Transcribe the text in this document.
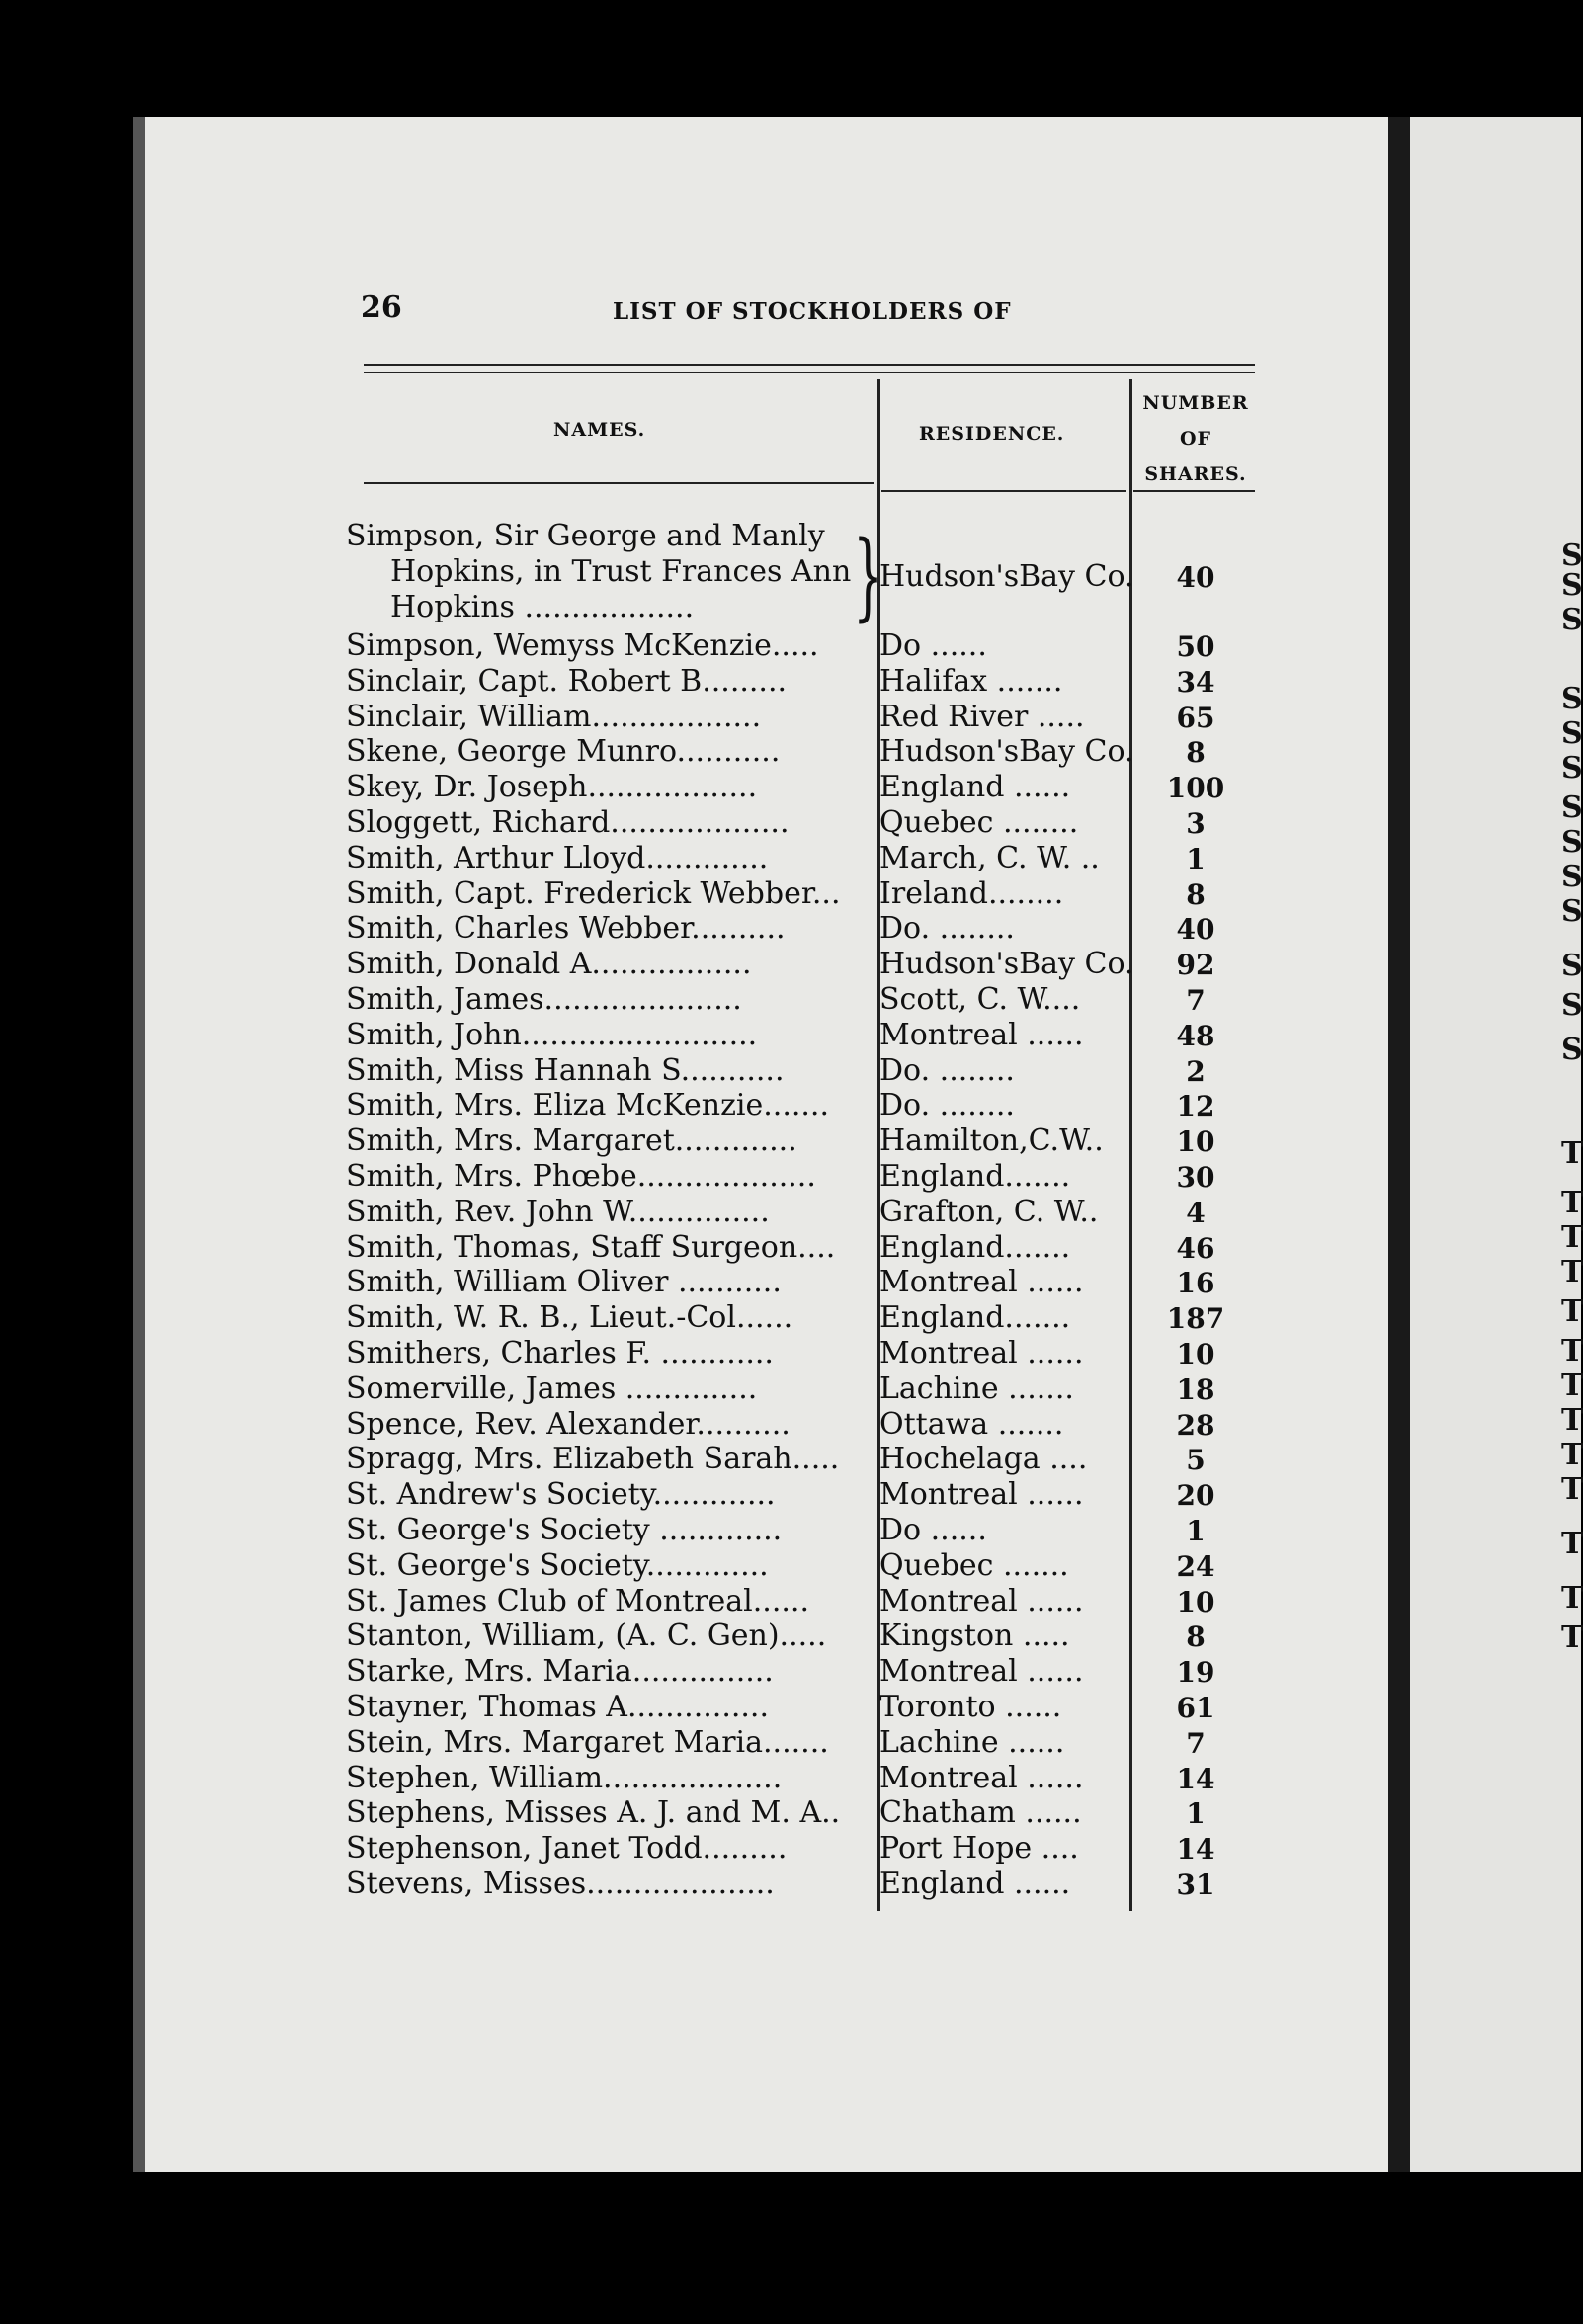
S
S
S
S
S
S
S
S
S
S
S
S
S
T
T
T
T
T
T
T
T
T
T
T
T
T
26	LIST OF STOCKHOLDERS OF
NAMES.	RESIDENCE.
NUMBER
OF
SHARES.
Simpson, Sir George and Manly
Hopkins, in Trust Frances Ann
Hopkins .................. }
Hudson'sBay Co.	40
Simpson, Wemyss McKenzie..... Do ......	50
Sinclair, Capt. Robert B.........	Halifax .......	34
Sinclair, William..................	Red River .....	65
Skene, George Munro...........	Hudson'sBay Co.	8
Skey, Dr. Joseph..................	England ......	100
Sloggett, Richard...................	Quebec ........	3
Smith, Arthur Lloyd.............	March, C. W. ..	1
Smith, Capt. Frederick Webber... Ireland........	8
Smith, Charles Webber..........	Do. ........	40
Smith, Donald A.................	Hudson'sBay Co.	92
Smith, James.....................	Scott, C. W....	7
Smith, John.........................	Montreal ......	48
Smith, Miss Hannah S...........	Do. ........	2
Smith, Mrs. Eliza McKenzie....... Do. ........	12
Smith, Mrs. Margaret.............	Hamilton,C.W..	10
Smith, Mrs. Phœbe................... England.......	30
Smith, Rev. John W...............	Grafton, C. W..	4
Smith, Thomas, Staff Surgeon.... England.......	46
Smith, William Oliver ...........	Montreal ......	16
Smith, W. R. B., Lieut.-Col......	England.......	187
Smithers, Charles F. ............	Montreal ......	10
Somerville, James ..............	Lachine .......	18
Spence, Rev. Alexander..........	Ottawa .......	28
Spragg, Mrs. Elizabeth Sarah..... Hochelaga ....	5
St. Andrew's Society.............	Montreal ......	20
St. George's Society .............	Do ......	1
St. George's Society.............	Quebec .......	24
St. James Club of Montreal...... Montreal ......	10
Stanton, William, (A. C. Gen)..... Kingston .....	8
Starke, Mrs. Maria...............	Montreal ......	19
Stayner, Thomas A...............	Toronto ......	61
Stein, Mrs. Margaret Maria....... Lachine ......	7
Stephen, William...................	Montreal ......	14
Stephens, Misses A. J. and M. A.. Chatham ......	1
Stephenson, Janet Todd.........	Port Hope ....	14
Stevens, Misses....................	England ......	31
